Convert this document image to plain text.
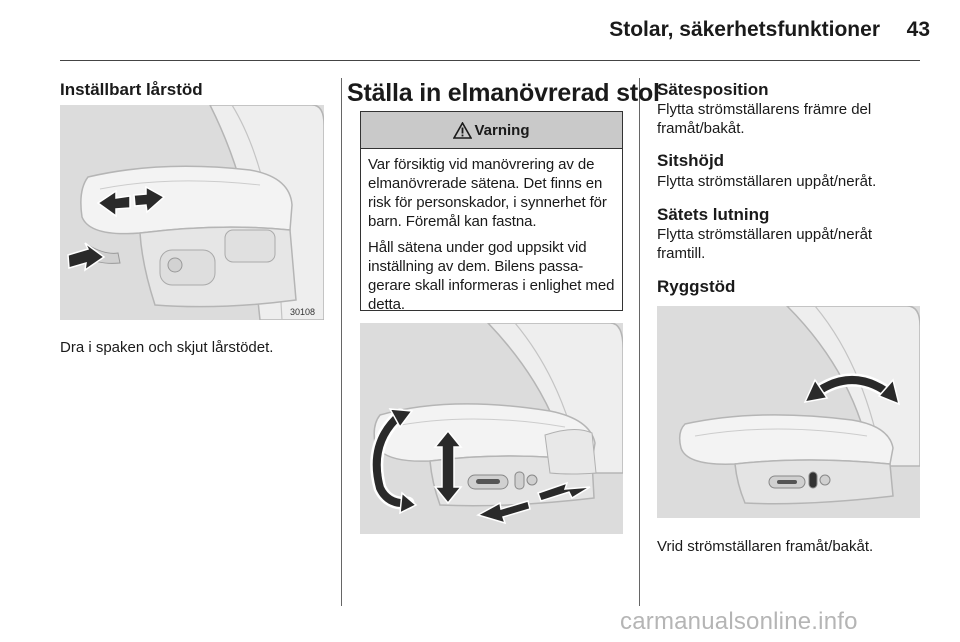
Stolar, säkerhetsfunktioner	43
Inställbart lårstöd
30108
Dra i spaken och skjut lårstödet.
Ställa in elmanövrerad stol
Varning

Var försiktig vid manövrering av de elmanövrerade sätena. Det finns en risk för personskador, i synnerhet för barn. Föremål kan fastna.

Håll sätena under god uppsikt vid inställning av dem. Bilens passagerare skall informeras i enlighet med detta.

Sätesposition
Flytta strömställarens främre del framåt/bakåt.
Sitshöjd
Flytta strömställaren uppåt/neråt.
Sätets lutning
Flytta strömställaren uppåt/neråt framtill.
Ryggstöd
Vrid strömställaren framåt/bakåt.
carmanualsonline.info
